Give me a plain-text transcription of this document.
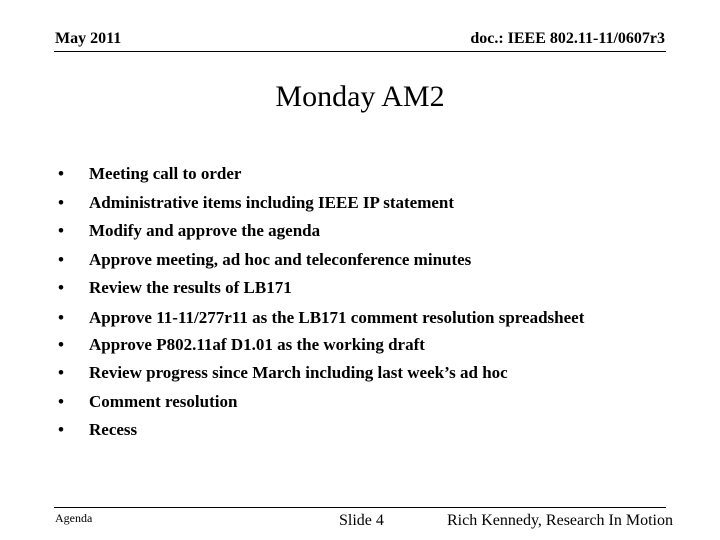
May 2011	doc.: IEEE 802.11-11/0607r3
Monday AM2
• Meeting call to order
• Administrative items including IEEE IP statement
• Modify and approve the agenda
• Approve meeting, ad hoc and teleconference minutes
• Review the results of LB171
• Approve 11-11/277r11 as the LB171 comment resolution spreadsheet
• Approve P802.11af D1.01 as the working draft
• Review progress since March including last week’s ad hoc
• Comment resolution
• Recess
Agenda	Slide 4	Rich Kennedy, Research In Motion
